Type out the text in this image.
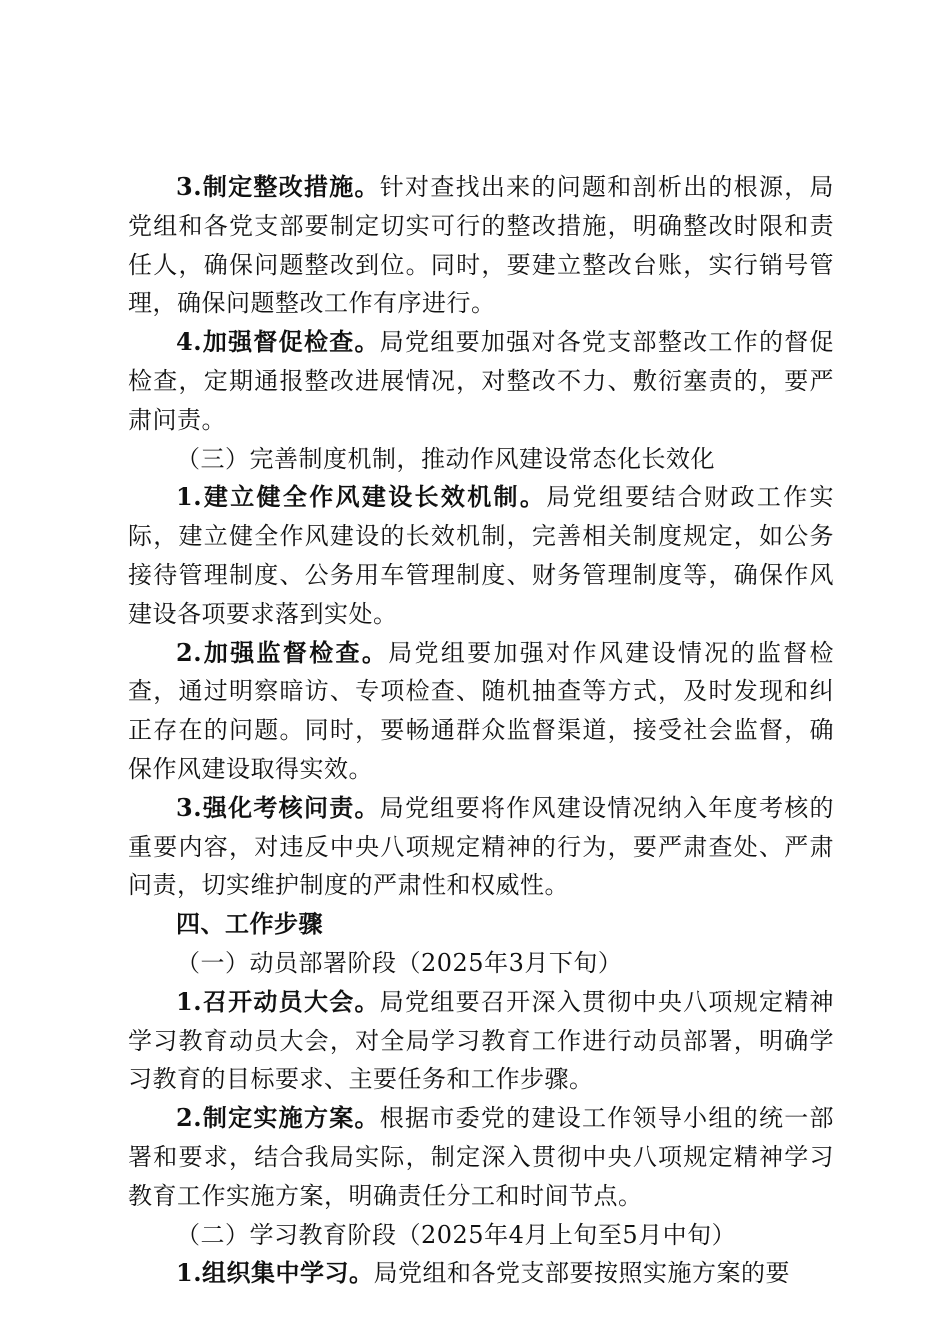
3.制定整改措施。针对查找出来的问题和剖析出的根源，局党组和各党支部要制定切实可行的整改措施，明确整改时限和责任人，确保问题整改到位。同时，要建立整改台账，实行销号管理，确保问题整改工作有序进行。

4.加强督促检查。局党组要加强对各党支部整改工作的督促检查，定期通报整改进展情况，对整改不力、敷衍塞责的，要严肃问责。

（三）完善制度机制，推动作风建设常态化长效化

1.建立健全作风建设长效机制。局党组要结合财政工作实际，建立健全作风建设的长效机制，完善相关制度规定，如公务接待管理制度、公务用车管理制度、财务管理制度等，确保作风建设各项要求落到实处。

2.加强监督检查。局党组要加强对作风建设情况的监督检查，通过明察暗访、专项检查、随机抽查等方式，及时发现和纠正存在的问题。同时，要畅通群众监督渠道，接受社会监督，确保作风建设取得实效。

3.强化考核问责。局党组要将作风建设情况纳入年度考核的重要内容，对违反中央八项规定精神的行为，要严肃查处、严肃问责，切实维护制度的严肃性和权威性。

四、工作步骤

（一）动员部署阶段（2025年3月下旬）

1.召开动员大会。局党组要召开深入贯彻中央八项规定精神学习教育动员大会，对全局学习教育工作进行动员部署，明确学习教育的目标要求、主要任务和工作步骤。

2.制定实施方案。根据市委党的建设工作领导小组的统一部署和要求，结合我局实际，制定深入贯彻中央八项规定精神学习教育工作实施方案，明确责任分工和时间节点。

（二）学习教育阶段（2025年4月上旬至5月中旬）

1.组织集中学习。局党组和各党支部要按照实施方案的要
